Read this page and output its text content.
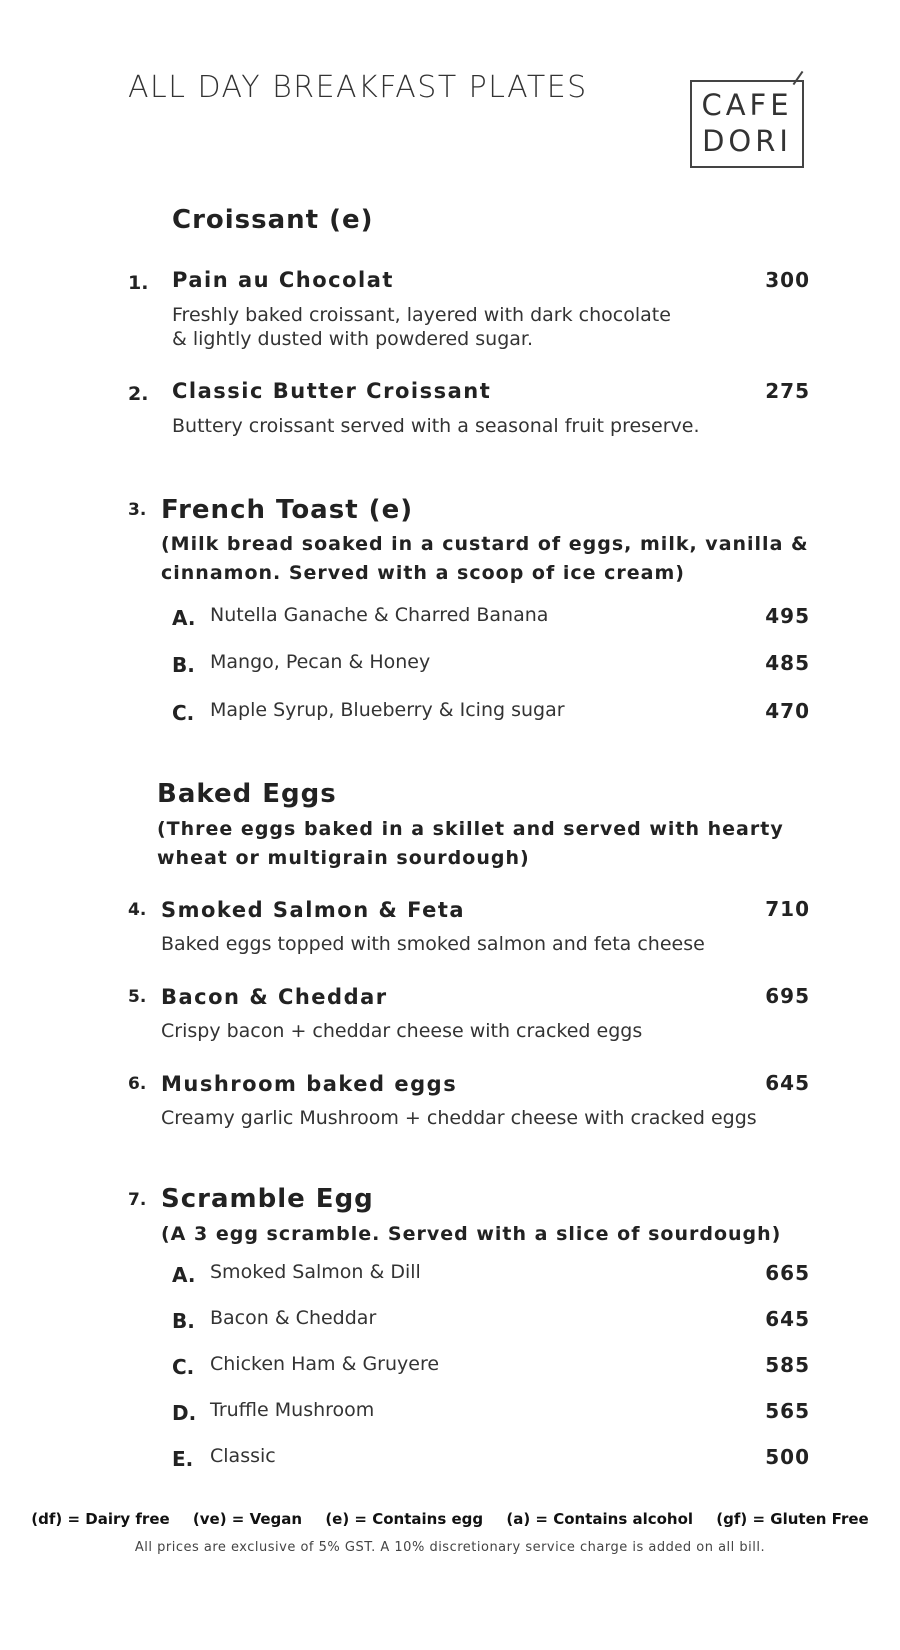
ALL DAY BREAKFAST PLATES	CAFE
DORI
Croissant (e)
1. Pain au Chocolat	300
Freshly baked croissant, layered with dark chocolate
& lightly dusted with powdered sugar.
2. Classic Butter Croissant	275
Buttery croissant served with a seasonal fruit preserve.
3. French Toast (e)
(Milk bread soaked in a custard of eggs, milk, vanilla &
cinnamon. Served with a scoop of ice cream)
A. Nutella Ganache & Charred Banana	495
B. Mango, Pecan & Honey	485
C. Maple Syrup, Blueberry & Icing sugar	470
Baked Eggs
(Three eggs baked in a skillet and served with hearty
wheat or multigrain sourdough)
4. Smoked Salmon & Feta	710
Baked eggs topped with smoked salmon and feta cheese
5. Bacon & Cheddar	695
Crispy bacon + cheddar cheese with cracked eggs
6. Mushroom baked eggs	645
Creamy garlic Mushroom + cheddar cheese with cracked eggs
7. Scramble Egg
(A 3 egg scramble. Served with a slice of sourdough)
A. Smoked Salmon & Dill	665
B. Bacon & Cheddar	645
C. Chicken Ham & Gruyere	585
D. Truffle Mushroom	565
E. Classic	500
(df) = Dairy free (ve) = Vegan (e) = Contains egg (a) = Contains alcohol (gf) = Gluten Free
All prices are exclusive of 5% GST. A 10% discretionary service charge is added on all bill.
